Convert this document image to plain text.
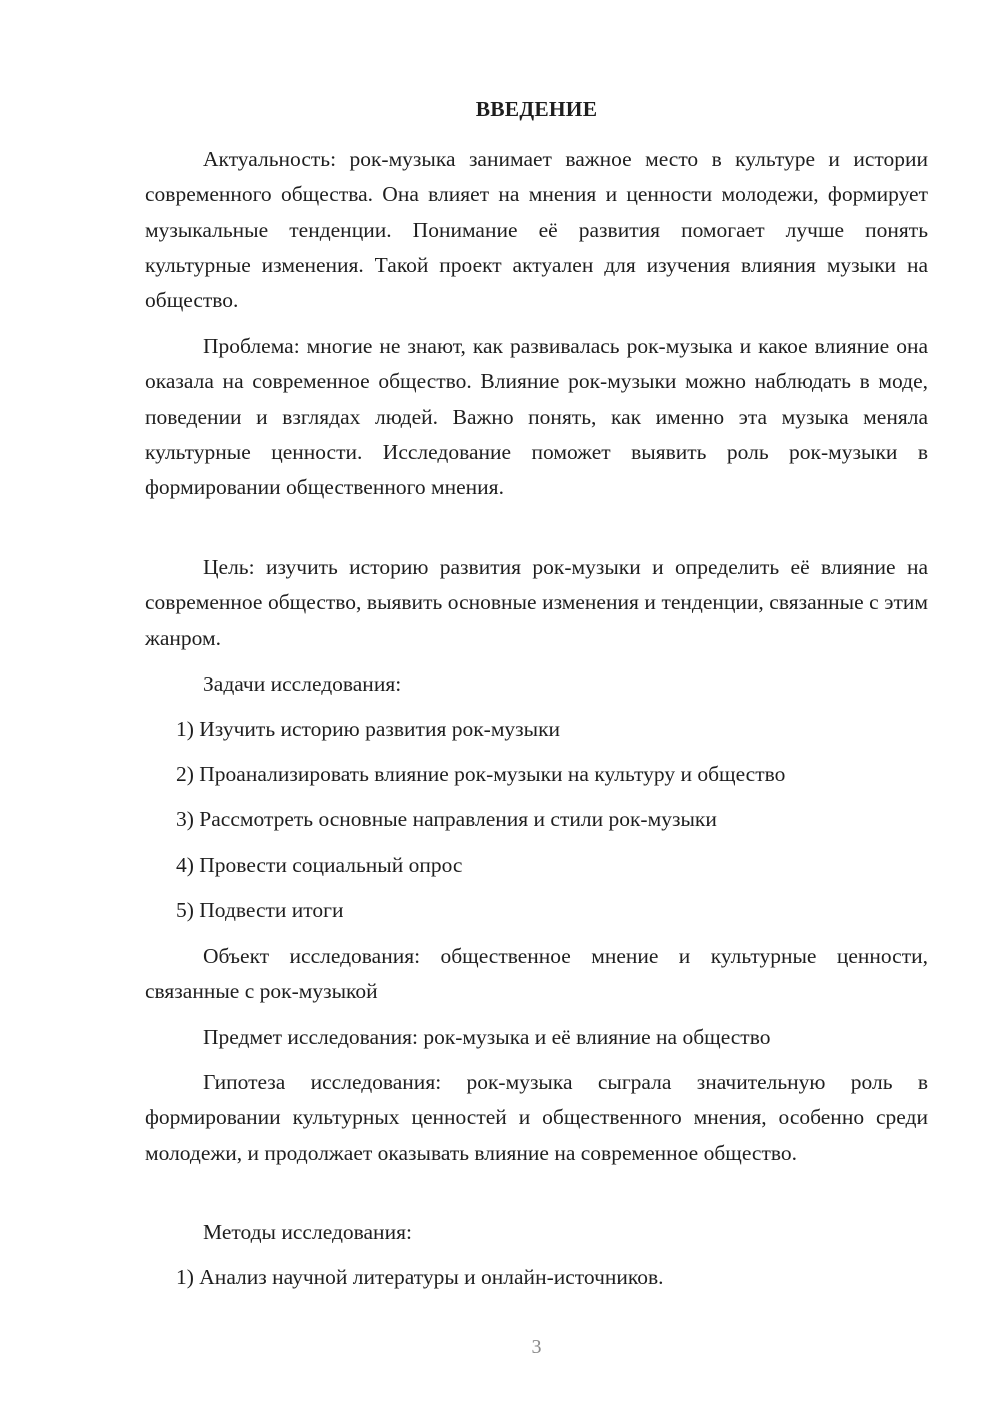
ВВЕДЕНИЕ

Актуальность: рок-музыка занимает важное место в культуре и истории современного общества. Она влияет на мнения и ценности молодежи, формирует музыкальные тенденции. Понимание её развития помогает лучше понять культурные изменения. Такой проект актуален для изучения влияния музыки на общество.

Проблема: многие не знают, как развивалась рок-музыка и какое влияние она оказала на современное общество. Влияние рок-музыки можно наблюдать в моде, поведении и взглядах людей. Важно понять, как именно эта музыка меняла культурные ценности. Исследование поможет выявить роль рок-музыки в формировании общественного мнения.

Цель: изучить историю развития рок-музыки и определить её влияние на современное общество, выявить основные изменения и тенденции, связанные с этим жанром.

Задачи исследования:

1) Изучить историю развития рок-музыки

2) Проанализировать влияние рок-музыки на культуру и общество

3) Рассмотреть основные направления и стили рок-музыки

4) Провести социальный опрос

5) Подвести итоги

Объект исследования: общественное мнение и культурные ценности, связанные с рок-музыкой

Предмет исследования: рок-музыка и её влияние на общество

Гипотеза исследования: рок-музыка сыграла значительную роль в формировании культурных ценностей и общественного мнения, особенно среди молодежи, и продолжает оказывать влияние на современное общество.

Методы исследования:

1) Анализ научной литературы и онлайн-источников.

3
